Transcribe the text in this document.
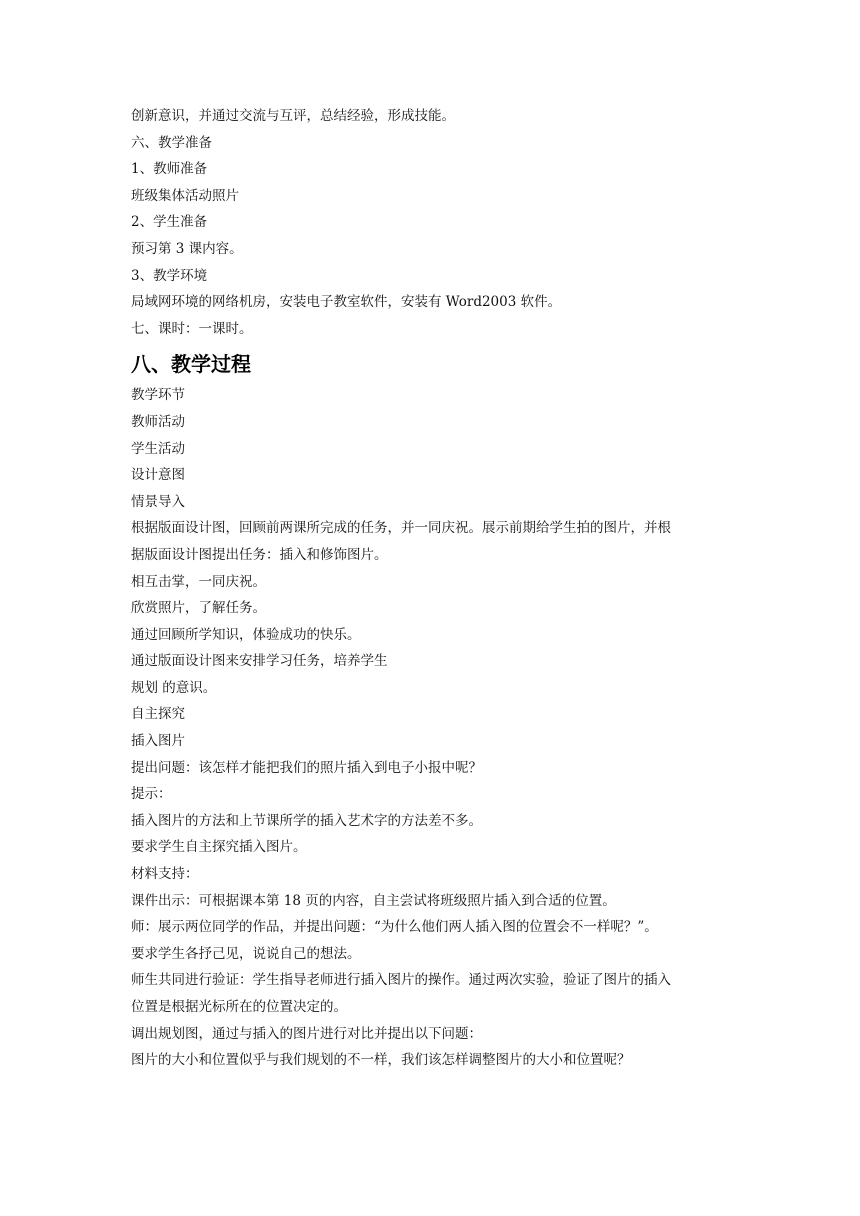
创新意识，并通过交流与互评，总结经验，形成技能。
六、教学准备
1、教师准备
班级集体活动照片
2、学生准备
预习第 3 课内容。
3、教学环境
局域网环境的网络机房，安装电子教室软件，安装有 Word2003 软件。
七、课时：一课时。
八、教学过程
教学环节
教师活动
学生活动
设计意图
情景导入
根据版面设计图，回顾前两课所完成的任务，并一同庆祝。展示前期给学生拍的图片，并根
据版面设计图提出任务：插入和修饰图片。
相互击掌，一同庆祝。
欣赏照片，了解任务。
通过回顾所学知识，体验成功的快乐。
通过版面设计图来安排学习任务，培养学生
规划 的意识。
自主探究
插入图片
提出问题：该怎样才能把我们的照片插入到电子小报中呢？
提示：
插入图片的方法和上节课所学的插入艺术字的方法差不多。
要求学生自主探究插入图片。
材料支持：
课件出示：可根据课本第 18 页的内容，自主尝试将班级照片插入到合适的位置。
师：展示两位同学的作品，并提出问题：“为什么他们两人插入图的位置会不一样呢？”。
要求学生各抒己见，说说自己的想法。
师生共同进行验证：学生指导老师进行插入图片的操作。通过两次实验，验证了图片的插入
位置是根据光标所在的位置决定的。
调出规划图，通过与插入的图片进行对比并提出以下问题：
图片的大小和位置似乎与我们规划的不一样，我们该怎样调整图片的大小和位置呢？
